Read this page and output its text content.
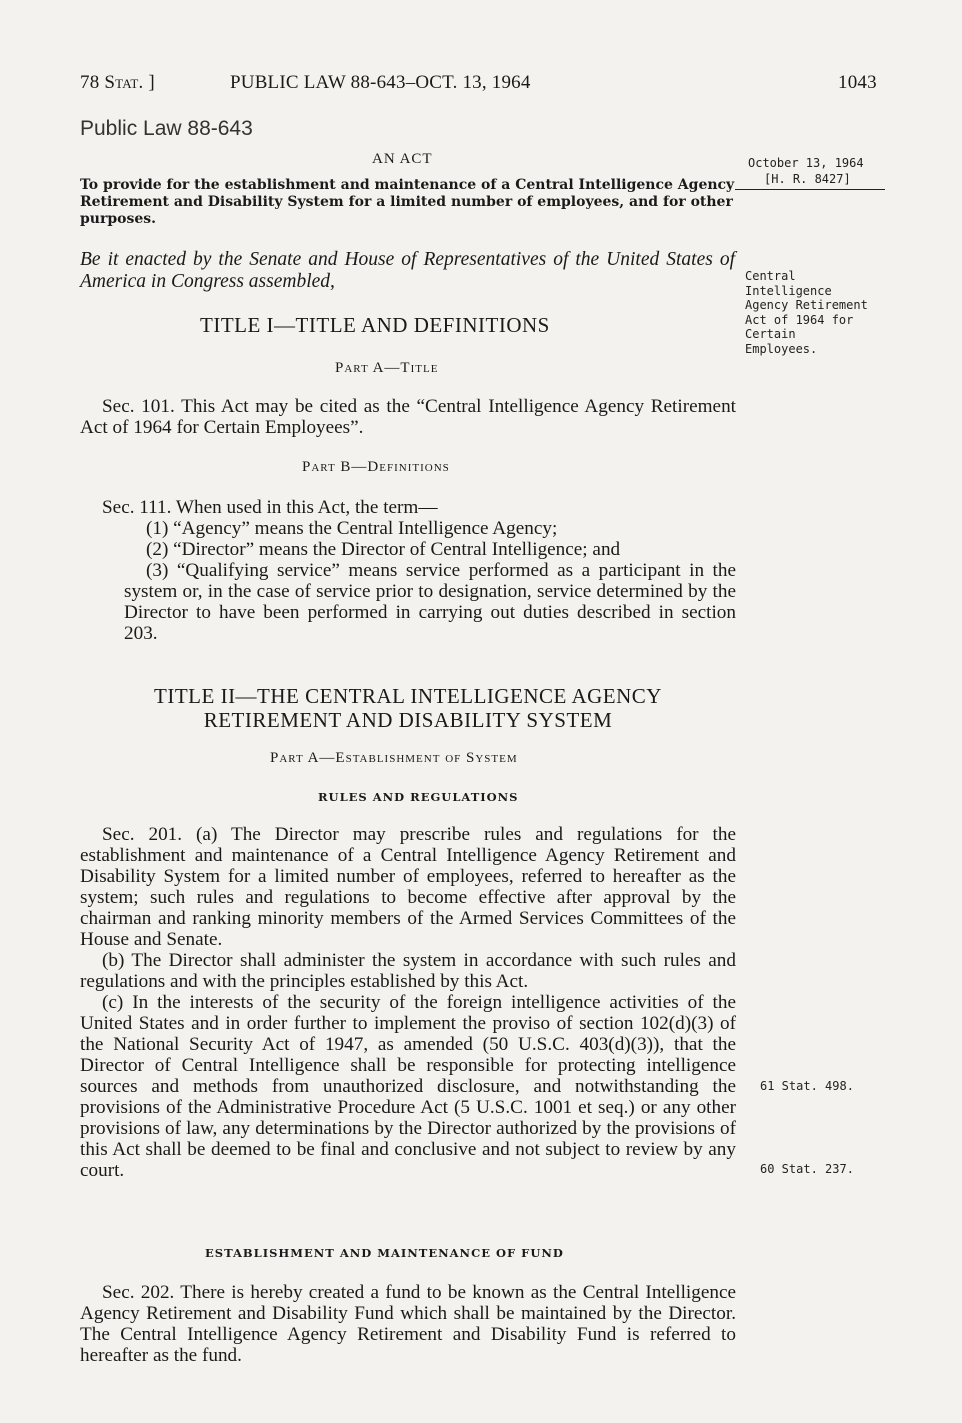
78 Stat. ]	PUBLIC LAW 88-643–OCT. 13, 1964	1043
Public Law 88-643
October 13, 1964
[H. R. 8427]
Central Intelligence Agency Retirement Act of 1964 for Certain Employees.
AN ACT
To provide for the establishment and maintenance of a Central Intelligence Agency Retirement and Disability System for a limited number of employees, and for other purposes.
Be it enacted by the Senate and House of Representatives of the United States of America in Congress assembled,
TITLE I—TITLE AND DEFINITIONS
Part A—Title

Sec. 101. This Act may be cited as the “Central Intelligence Agency Retirement Act of 1964 for Certain Employees”.

Part B—Definitions
Sec. 111. When used in this Act, the term—
(1) “Agency” means the Central Intelligence Agency;
(2) “Director” means the Director of Central Intelligence; and
(3) “Qualifying service” means service performed as a participant in the system or, in the case of service prior to designation, service determined by the Director to have been performed in carrying out duties described in section 203.
TITLE II—THE CENTRAL INTELLIGENCE AGENCY
RETIREMENT AND DISABILITY SYSTEM
Part A—Establishment of System
RULES AND REGULATIONS

Sec. 201. (a) The Director may prescribe rules and regulations for the establishment and maintenance of a Central Intelligence Agency Retirement and Disability System for a limited number of employees, referred to hereafter as the system; such rules and regulations to become effective after approval by the chairman and ranking minority members of the Armed Services Committees of the House and Senate.

(b) The Director shall administer the system in accordance with such rules and regulations and with the principles established by this Act.

(c) In the interests of the security of the foreign intelligence activities of the United States and in order further to implement the proviso of section 102(d)(3) of the National Security Act of 1947, as amended (50 U.S.C. 403(d)(3)), that the Director of Central Intelligence shall be responsible for protecting intelligence sources and methods from unauthorized disclosure, and notwithstanding the provisions of the Administrative Procedure Act (5 U.S.C. 1001 et seq.) or any other provisions of law, any determinations by the Director authorized by the provisions of this Act shall be deemed to be final and conclusive and not subject to review by any court.

61 Stat. 498.
60 Stat. 237.
ESTABLISHMENT AND MAINTENANCE OF FUND

Sec. 202. There is hereby created a fund to be known as the Central Intelligence Agency Retirement and Disability Fund which shall be maintained by the Director. The Central Intelligence Agency Retirement and Disability Fund is referred to hereafter as the fund.
